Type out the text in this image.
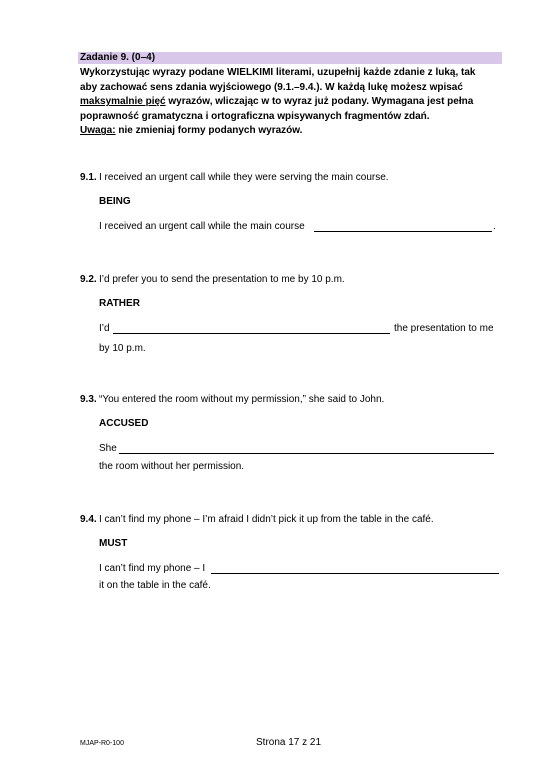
Zadanie 9. (0–4)
Wykorzystując wyrazy podane WIELKIMI literami, uzupełnij każde zdanie z luką, tak
aby zachować sens zdania wyjściowego (9.1.–9.4.). W każdą lukę możesz wpisać
maksymalnie pięć wyrazów, wliczając w to wyraz już podany. Wymagana jest pełna
poprawność gramatyczna i ortograficzna wpisywanych fragmentów zdań.
Uwaga: nie zmieniaj formy podanych wyrazów.
9.1. I received an urgent call while they were serving the main course.
BEING
I received an urgent call while the main course	.
9.2. I’d prefer you to send the presentation to me by 10 p.m.
RATHER
I’d	the presentation to me
by 10 p.m.
9.3. “You entered the room without my permission,” she said to John.
ACCUSED
She
the room without her permission.
9.4. I can’t find my phone – I’m afraid I didn’t pick it up from the table in the café.
MUST
I can’t find my phone – I
it on the table in the café.
MJAP-R0-100	Strona 17 z 21
